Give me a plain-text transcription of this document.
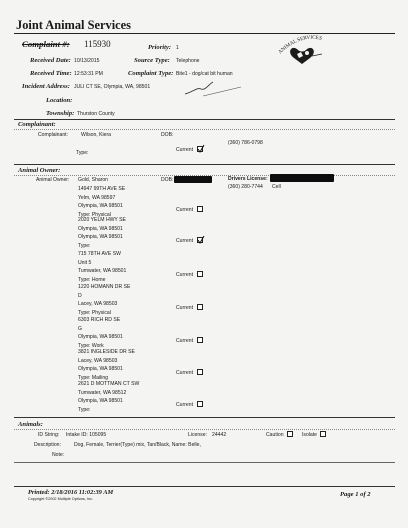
Joint Animal Services
Complaint #: 115930	Priority: 1
Received Date: 10/13/2015	Source Type: Telephone
Received Time: 12:53:31 PM	Complaint Type: Bite1 - dog/cat bit human
Incident Address: JULI CT SE, Olympia, WA, 98501
Location:
Township: Thurston County
ANIMAL SERVICES
Complainant:
Complainant:	Wilson, Kiera	DOB:
(360) 786-0798
Type:	Current
Animal Owner:
Animal Owner: Gold, Sharon	DOB:	Drivers License:
(360) 280-7744 Cell
14947 99TH AVE SE
Yelm, WA 98597
Olympia, WA 98501
Type: Physical
Current
2020 YELM HWY SE
Olympia, WA 98501
Olympia, WA 98501
Type:
Current
715 78TH AVE SW
Unit 5
Tumwater, WA 98501
Type: Home
Current
1220 HOMANN DR SE
D
Lacey, WA 98503
Type: Physical
Current
6303 RICH RD SE
G
Olympia, WA 98501
Type: Work
Current
3821 INGLESIDE DR SE
Lacey, WA 98503
Olympia, WA 98501
Type: Mailing
Current
2621 D MOTTMAN CT SW
Tumwater, WA 98512
Olympia, WA 98501
Type:
Current
Animals:
ID String: Intake ID: 105095	License: 24442	Caution	Isolate
Description:	Dog, Female, Terrier(Type) mix, Tan/Black, Name: Belle,
Note:
Printed: 2/18/2016 11:02:39 AM
Copyright ©2002 Multiple Options, Inc.
Page 1 of 2
